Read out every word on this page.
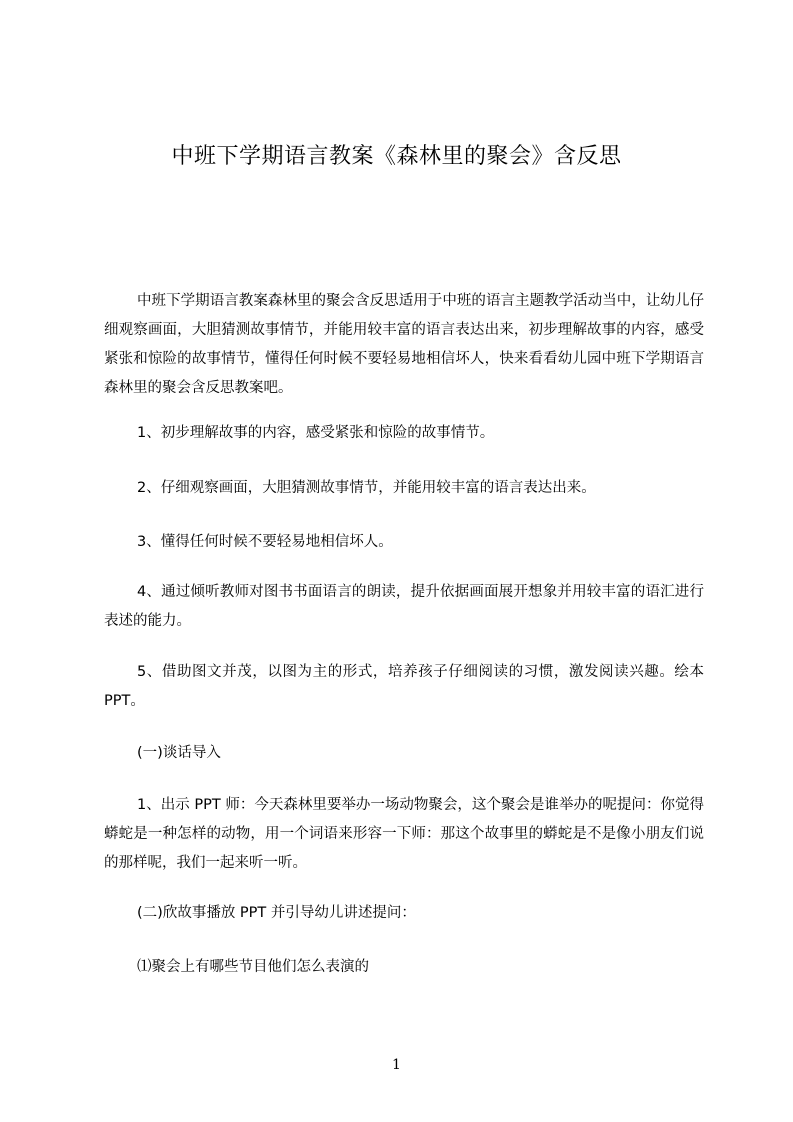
中班下学期语言教案《森林里的聚会》含反思
中班下学期语言教案森林里的聚会含反思适用于中班的语言主题教学活动当中，让幼儿仔细观察画面，大胆猜测故事情节，并能用较丰富的语言表达出来，初步理解故事的内容，感受紧张和惊险的故事情节，懂得任何时候不要轻易地相信坏人，快来看看幼儿园中班下学期语言森林里的聚会含反思教案吧。
1、初步理解故事的内容，感受紧张和惊险的故事情节。
2、仔细观察画面，大胆猜测故事情节，并能用较丰富的语言表达出来。
3、懂得任何时候不要轻易地相信坏人。
4、通过倾听教师对图书书面语言的朗读，提升依据画面展开想象并用较丰富的语汇进行表述的能力。
5、借助图文并茂，以图为主的形式，培养孩子仔细阅读的习惯，激发阅读兴趣。绘本 PPT。
(一)谈话导入
1、出示 PPT 师：今天森林里要举办一场动物聚会，这个聚会是谁举办的呢提问：你觉得蟒蛇是一种怎样的动物，用一个词语来形容一下师：那这个故事里的蟒蛇是不是像小朋友们说的那样呢，我们一起来听一听。
(二)欣故事播放 PPT 并引导幼儿讲述提问：
⑴聚会上有哪些节目他们怎么表演的
1
